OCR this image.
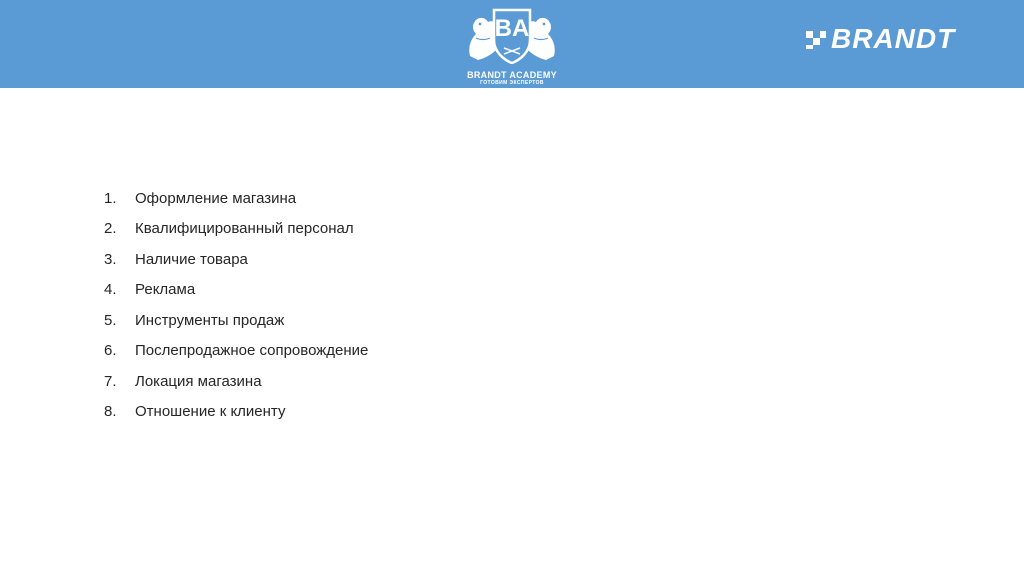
BA
BRANDT ACADEMY
ГОТОВИМ ЭКСПЕРТОВ
BRANDT
1.	Оформление магазина
2.	Квалифицированный персонал
3.	Наличие товара
4.	Реклама
5.	Инструменты продаж
6.	Послепродажное сопровождение
7.	Локация магазина
8.	Отношение к клиенту
